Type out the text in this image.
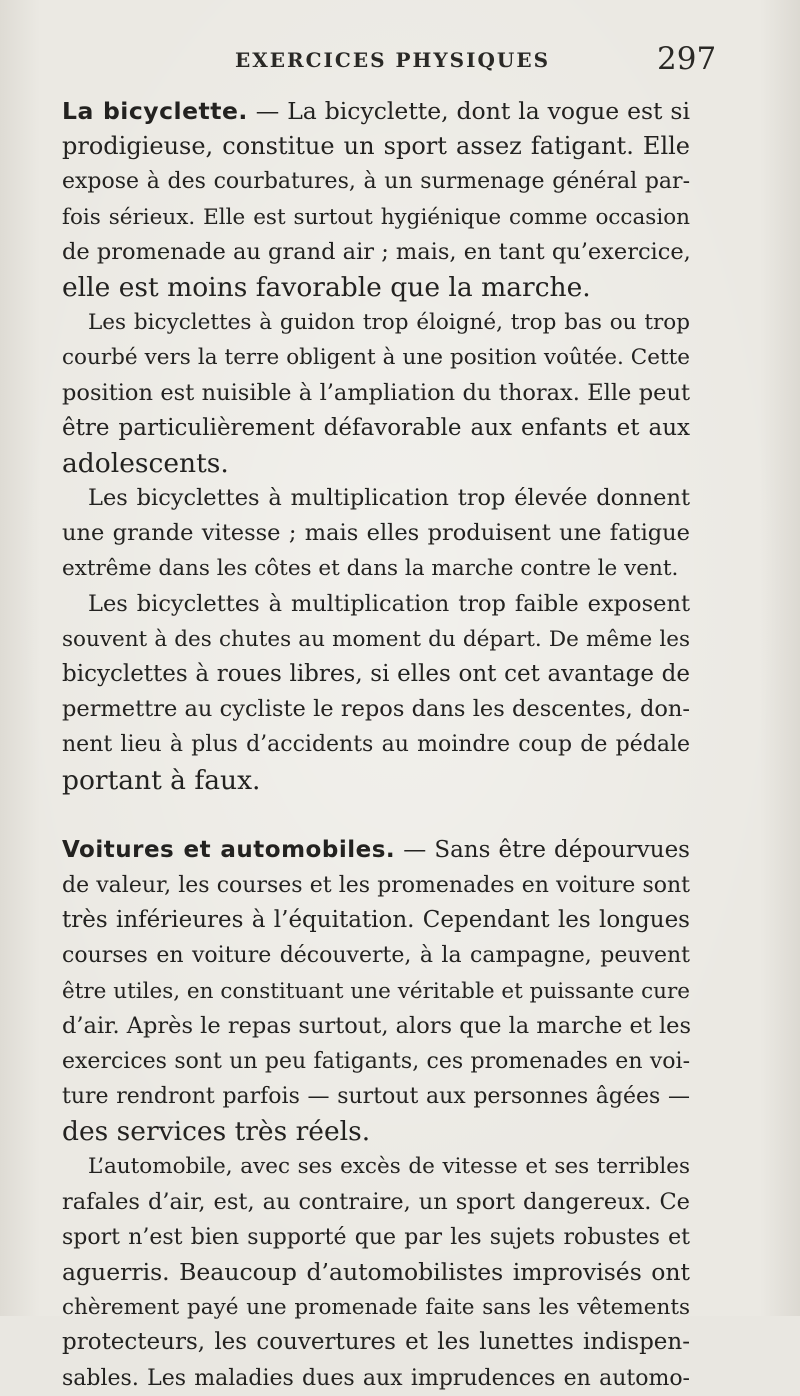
EXERCICES PHYSIQUES	297
La bicyclette. — La bicyclette, dont la vogue est si
prodigieuse, constitue un sport assez fatigant. Elle
expose à des courbatures, à un surmenage général par-
fois sérieux. Elle est surtout hygiénique comme occasion
de promenade au grand air ; mais, en tant qu’exercice,
elle est moins favorable que la marche.
Les bicyclettes à guidon trop éloigné, trop bas ou trop
courbé vers la terre obligent à une position voûtée. Cette
position est nuisible à l’ampliation du thorax. Elle peut
être particulièrement défavorable aux enfants et aux
adolescents.
Les bicyclettes à multiplication trop élevée donnent
une grande vitesse ; mais elles produisent une fatigue
extrême dans les côtes et dans la marche contre le vent.
Les bicyclettes à multiplication trop faible exposent
souvent à des chutes au moment du départ. De même les
bicyclettes à roues libres, si elles ont cet avantage de
permettre au cycliste le repos dans les descentes, don-
nent lieu à plus d’accidents au moindre coup de pédale
portant à faux.
Voitures et automobiles. — Sans être dépourvues
de valeur, les courses et les promenades en voiture sont
très inférieures à l’équitation. Cependant les longues
courses en voiture découverte, à la campagne, peuvent
être utiles, en constituant une véritable et puissante cure
d’air. Après le repas surtout, alors que la marche et les
exercices sont un peu fatigants, ces promenades en voi-
ture rendront parfois — surtout aux personnes âgées —
des services très réels.
L’automobile, avec ses excès de vitesse et ses terribles
rafales d’air, est, au contraire, un sport dangereux. Ce
sport n’est bien supporté que par les sujets robustes et
aguerris. Beaucoup d’automobilistes improvisés ont
chèrement payé une promenade faite sans les vêtements
protecteurs, les couvertures et les lunettes indispen-
sables. Les maladies dues aux imprudences en automo-
